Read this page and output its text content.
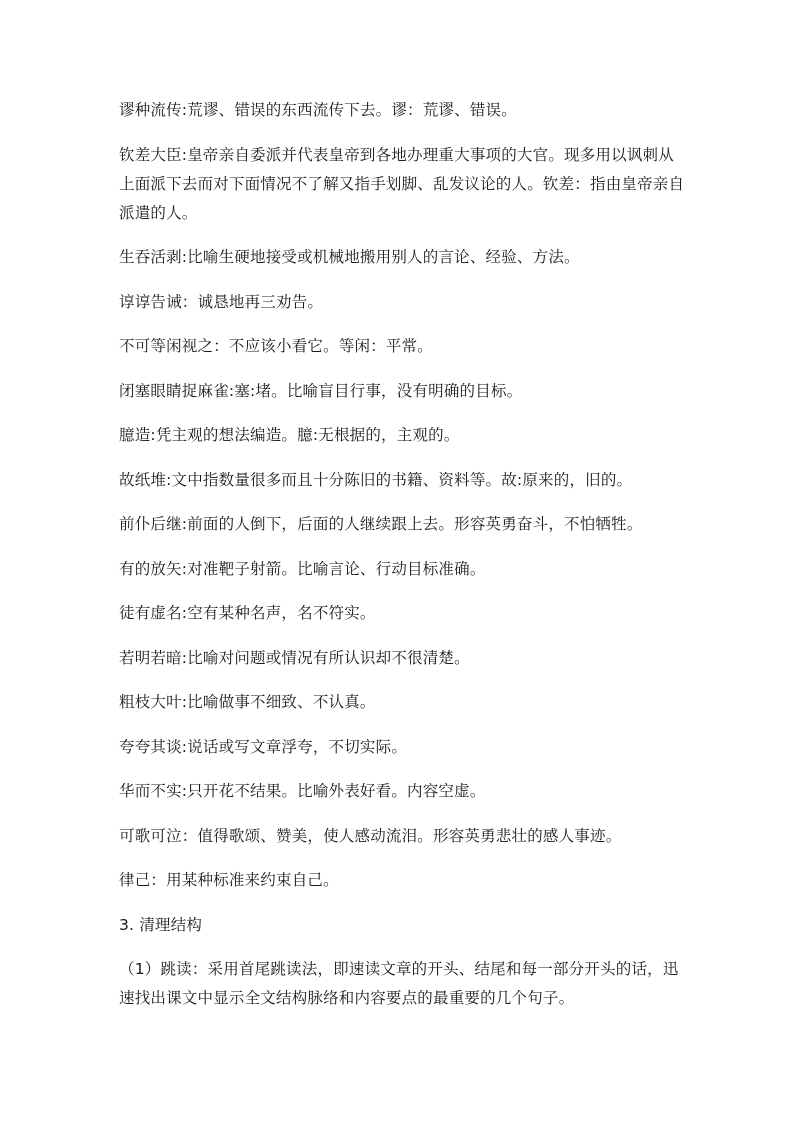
谬种流传:荒谬、错误的东西流传下去。谬：荒谬、错误。

钦差大臣:皇帝亲自委派并代表皇帝到各地办理重大事项的大官。现多用以讽刺从上面派下去而对下面情况不了解又指手划脚、乱发议论的人。钦差：指由皇帝亲自派遣的人。

生吞活剥:比喻生硬地接受或机械地搬用别人的言论、经验、方法。

谆谆告诫：诚恳地再三劝告。

不可等闲视之：不应该小看它。等闲：平常。

闭塞眼睛捉麻雀:塞:堵。比喻盲目行事，没有明确的目标。

臆造:凭主观的想法编造。臆:无根据的，主观的。

故纸堆:文中指数量很多而且十分陈旧的书籍、资料等。故:原来的，旧的。

前仆后继:前面的人倒下，后面的人继续跟上去。形容英勇奋斗，不怕牺牲。

有的放矢:对准靶子射箭。比喻言论、行动目标准确。

徒有虚名:空有某种名声，名不符实。

若明若暗:比喻对问题或情况有所认识却不很清楚。

粗枝大叶:比喻做事不细致、不认真。

夸夸其谈:说话或写文章浮夸，不切实际。

华而不实:只开花不结果。比喻外表好看。内容空虚。

可歌可泣：值得歌颂、赞美，使人感动流泪。形容英勇悲壮的感人事迹。

律己：用某种标准来约束自己。

3. 清理结构

（1）跳读：采用首尾跳读法，即速读文章的开头、结尾和每一部分开头的话，迅速找出课文中显示全文结构脉络和内容要点的最重要的几个句子。
